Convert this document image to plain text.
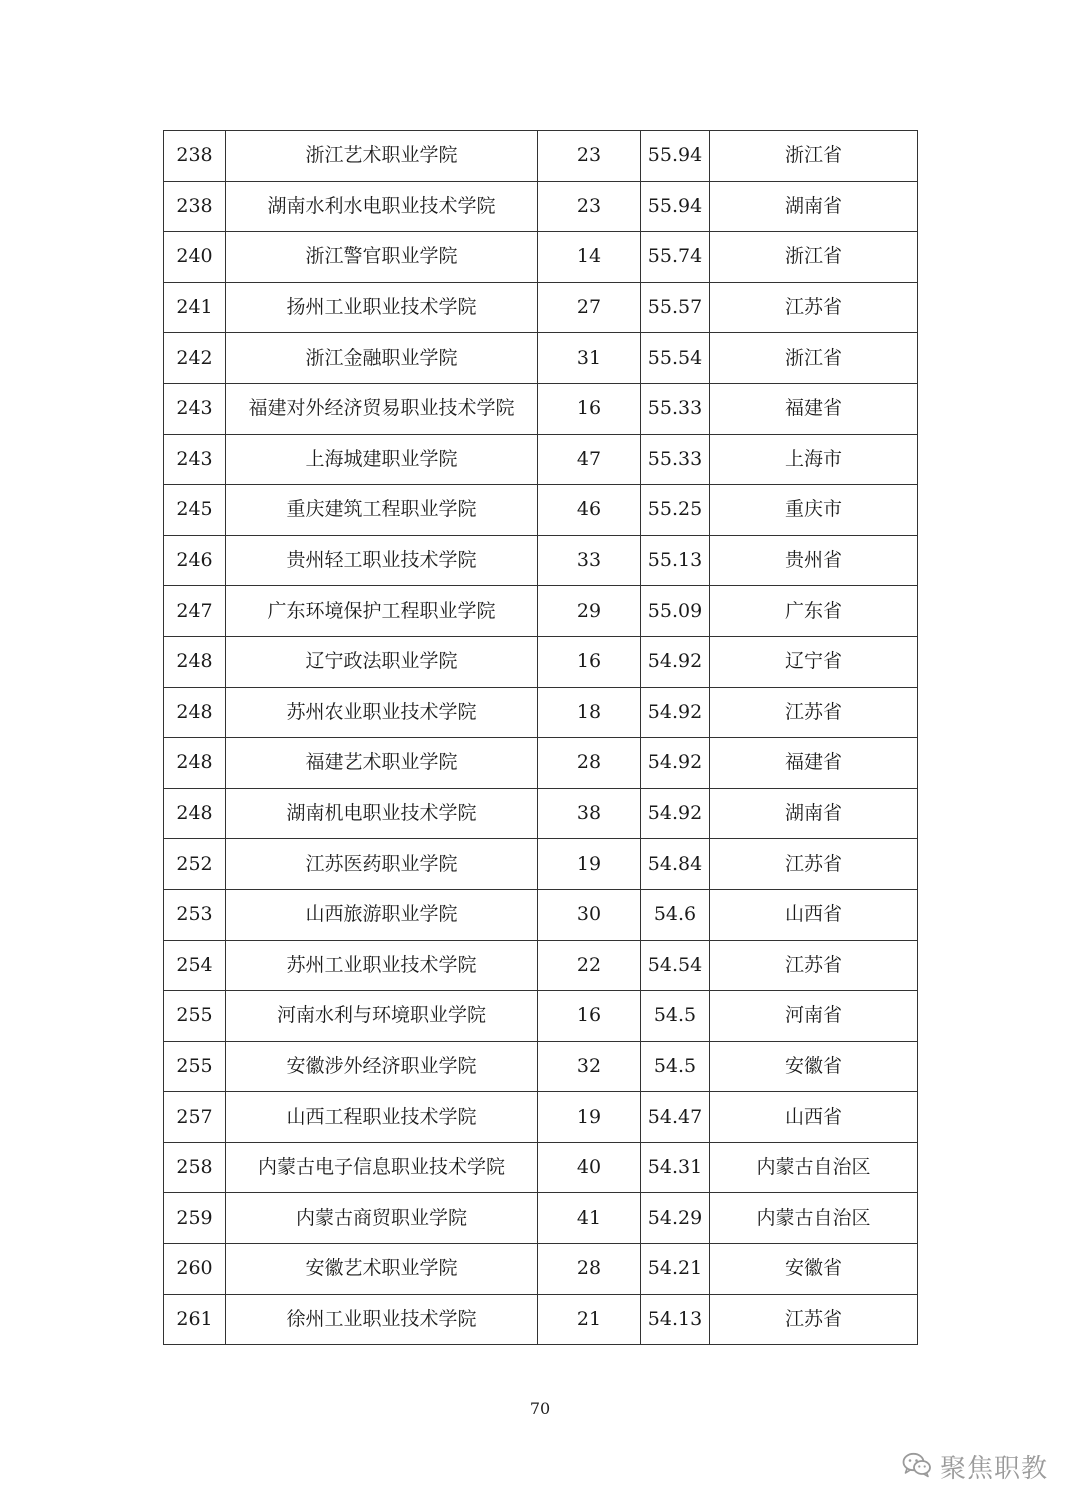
238	浙江艺术职业学院	23	55.94	浙江省
238	湖南水利水电职业技术学院	23	55.94	湖南省
240	浙江警官职业学院	14	55.74	浙江省
241	扬州工业职业技术学院	27	55.57	江苏省
242	浙江金融职业学院	31	55.54	浙江省
243	福建对外经济贸易职业技术学院	16	55.33	福建省
243	上海城建职业学院	47	55.33	上海市
245	重庆建筑工程职业学院	46	55.25	重庆市
246	贵州轻工职业技术学院	33	55.13	贵州省
247	广东环境保护工程职业学院	29	55.09	广东省
248	辽宁政法职业学院	16	54.92	辽宁省
248	苏州农业职业技术学院	18	54.92	江苏省
248	福建艺术职业学院	28	54.92	福建省
248	湖南机电职业技术学院	38	54.92	湖南省
252	江苏医药职业学院	19	54.84	江苏省
253	山西旅游职业学院	30	54.6	山西省
254	苏州工业职业技术学院	22	54.54	江苏省
255	河南水利与环境职业学院	16	54.5	河南省
255	安徽涉外经济职业学院	32	54.5	安徽省
257	山西工程职业技术学院	19	54.47	山西省
258	内蒙古电子信息职业技术学院	40	54.31	内蒙古自治区
259	内蒙古商贸职业学院	41	54.29	内蒙古自治区
260	安徽艺术职业学院	28	54.21	安徽省
261	徐州工业职业技术学院	21	54.13	江苏省
70
聚焦职教
